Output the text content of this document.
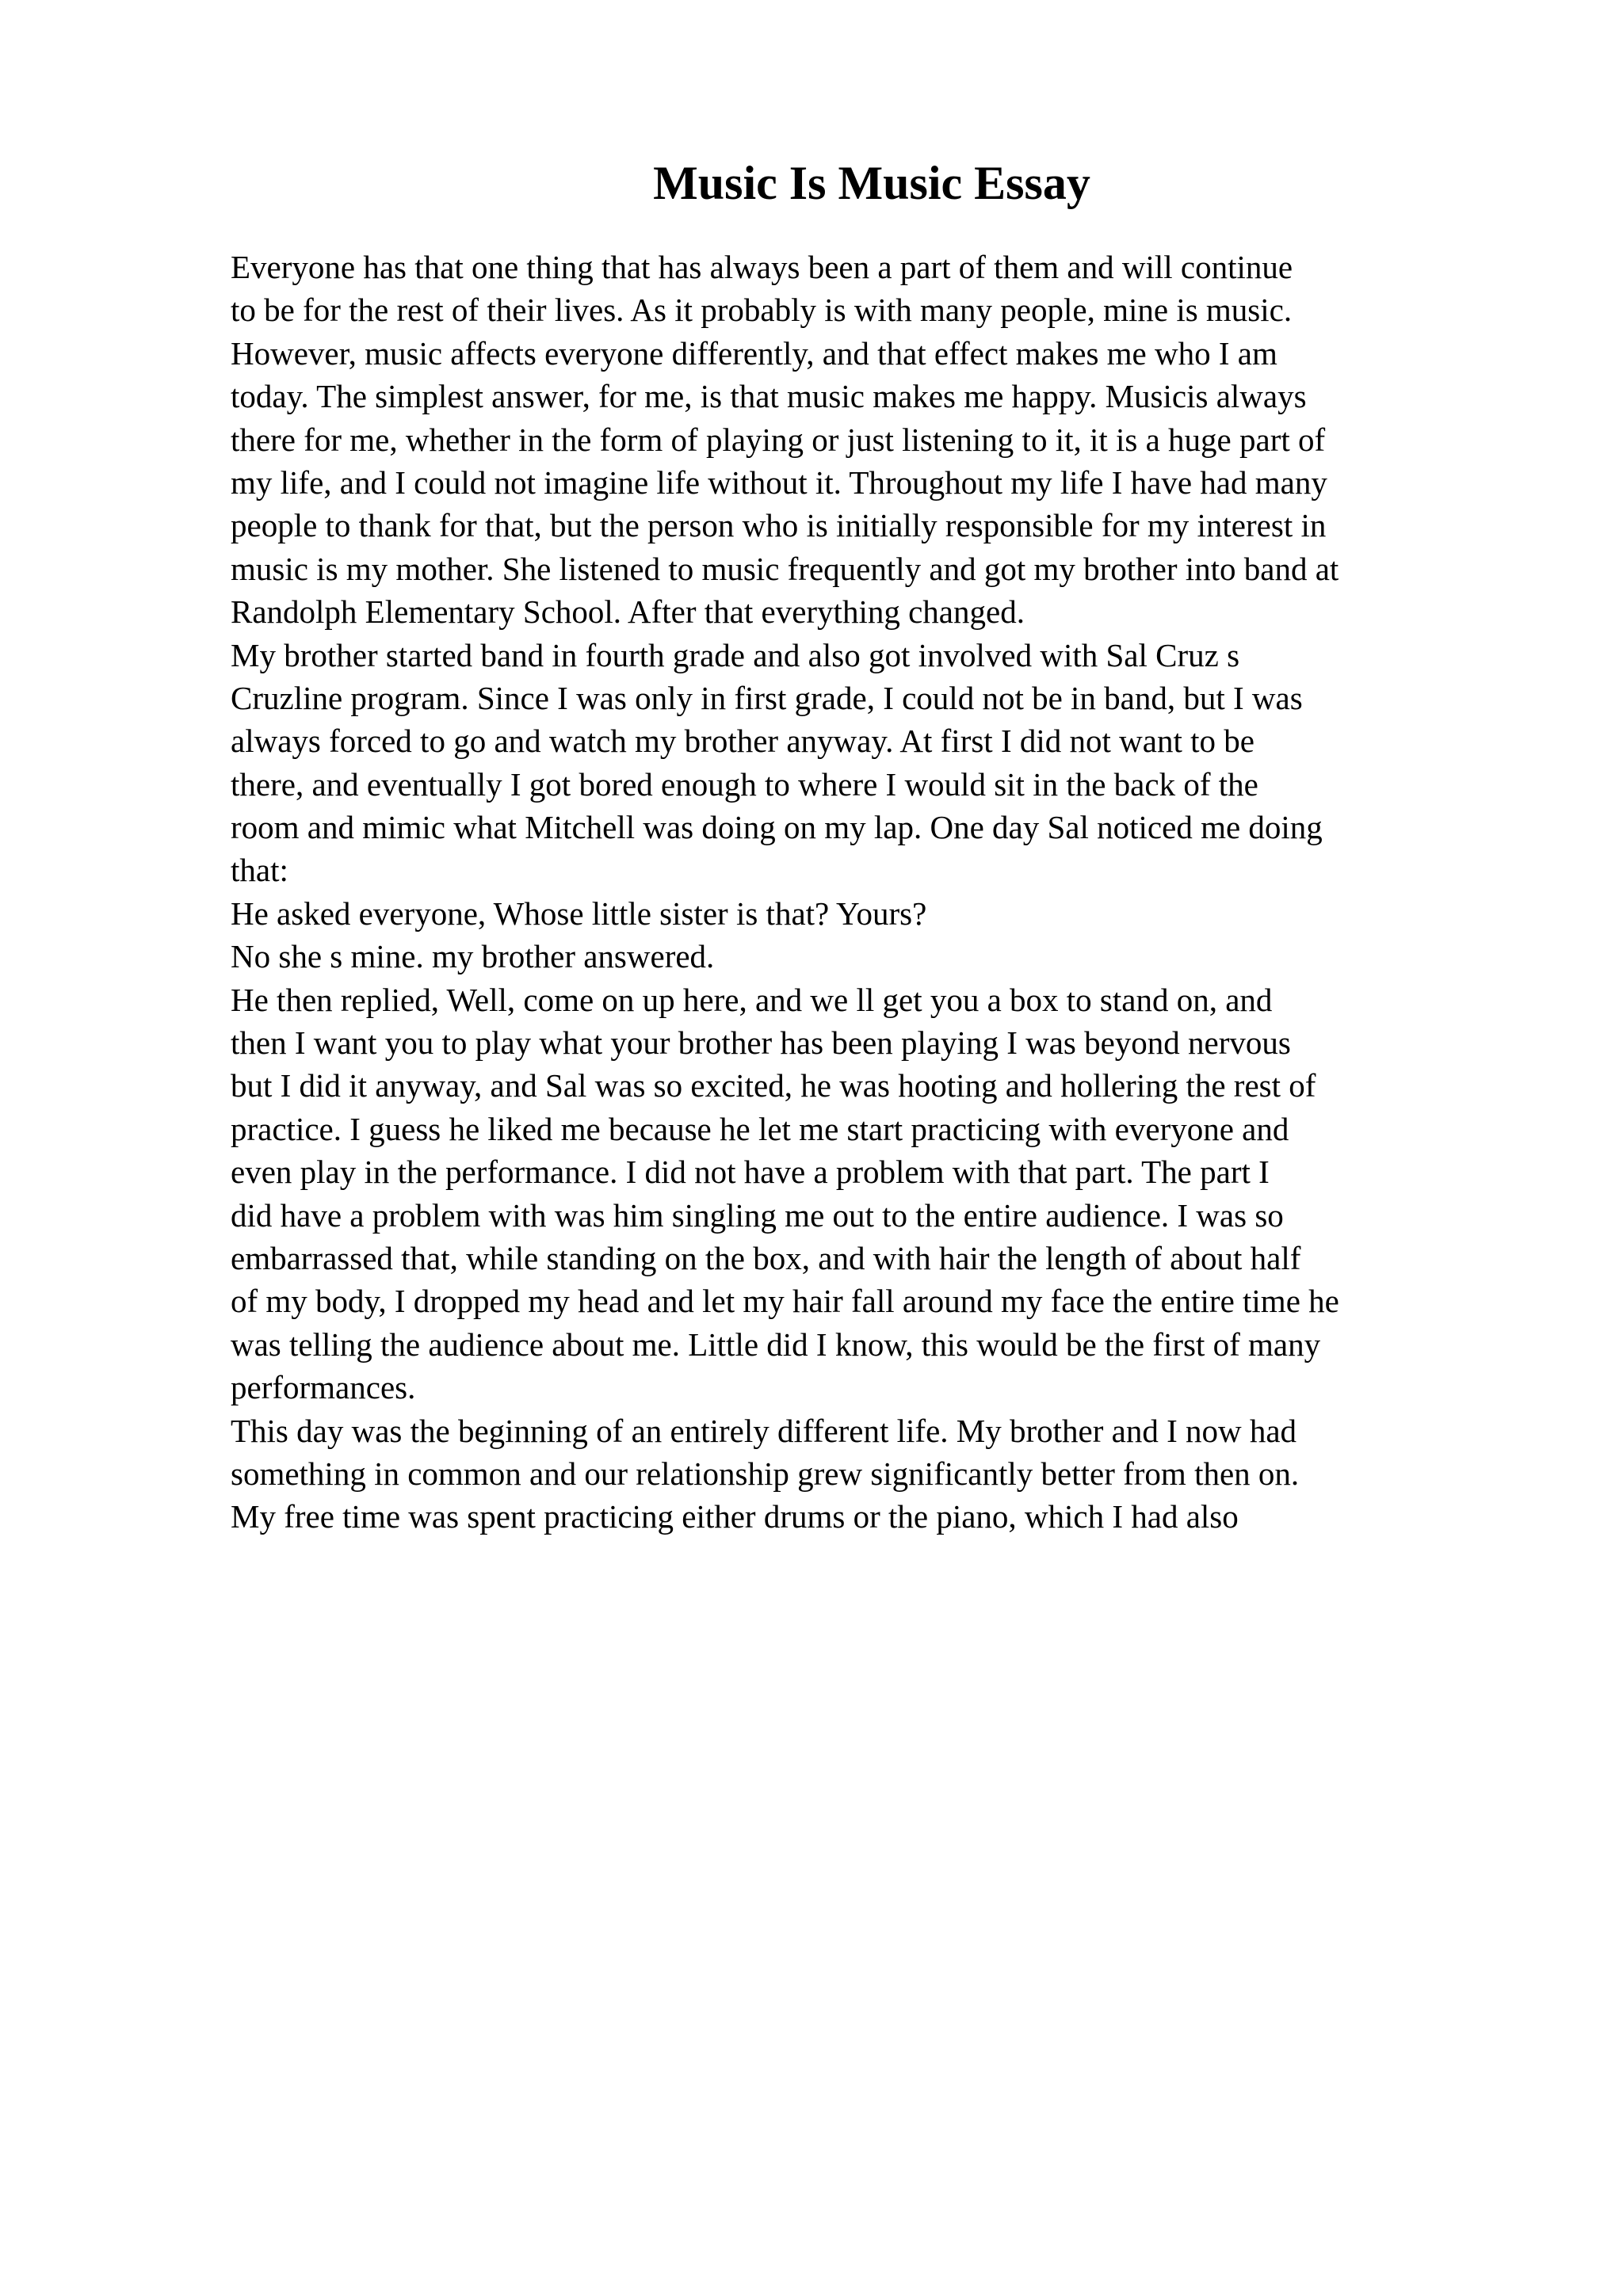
Music Is Music Essay
Everyone has that one thing that has always been a part of them and will continue
to be for the rest of their lives. As it probably is with many people, mine is music.
However, music affects everyone differently, and that effect makes me who I am
today. The simplest answer, for me, is that music makes me happy. Musicis always
there for me, whether in the form of playing or just listening to it, it is a huge part of
my life, and I could not imagine life without it. Throughout my life I have had many
people to thank for that, but the person who is initially responsible for my interest in
music is my mother. She listened to music frequently and got my brother into band at
Randolph Elementary School. After that everything changed.
My brother started band in fourth grade and also got involved with Sal Cruz s
Cruzline program. Since I was only in first grade, I could not be in band, but I was
always forced to go and watch my brother anyway. At first I did not want to be
there, and eventually I got bored enough to where I would sit in the back of the
room and mimic what Mitchell was doing on my lap. One day Sal noticed me doing
that:
He asked everyone, Whose little sister is that? Yours?
No she s mine. my brother answered.
He then replied, Well, come on up here, and we ll get you a box to stand on, and
then I want you to play what your brother has been playing I was beyond nervous
but I did it anyway, and Sal was so excited, he was hooting and hollering the rest of
practice. I guess he liked me because he let me start practicing with everyone and
even play in the performance. I did not have a problem with that part. The part I
did have a problem with was him singling me out to the entire audience. I was so
embarrassed that, while standing on the box, and with hair the length of about half
of my body, I dropped my head and let my hair fall around my face the entire time he
was telling the audience about me. Little did I know, this would be the first of many
performances.
This day was the beginning of an entirely different life. My brother and I now had
something in common and our relationship grew significantly better from then on.
My free time was spent practicing either drums or the piano, which I had also
